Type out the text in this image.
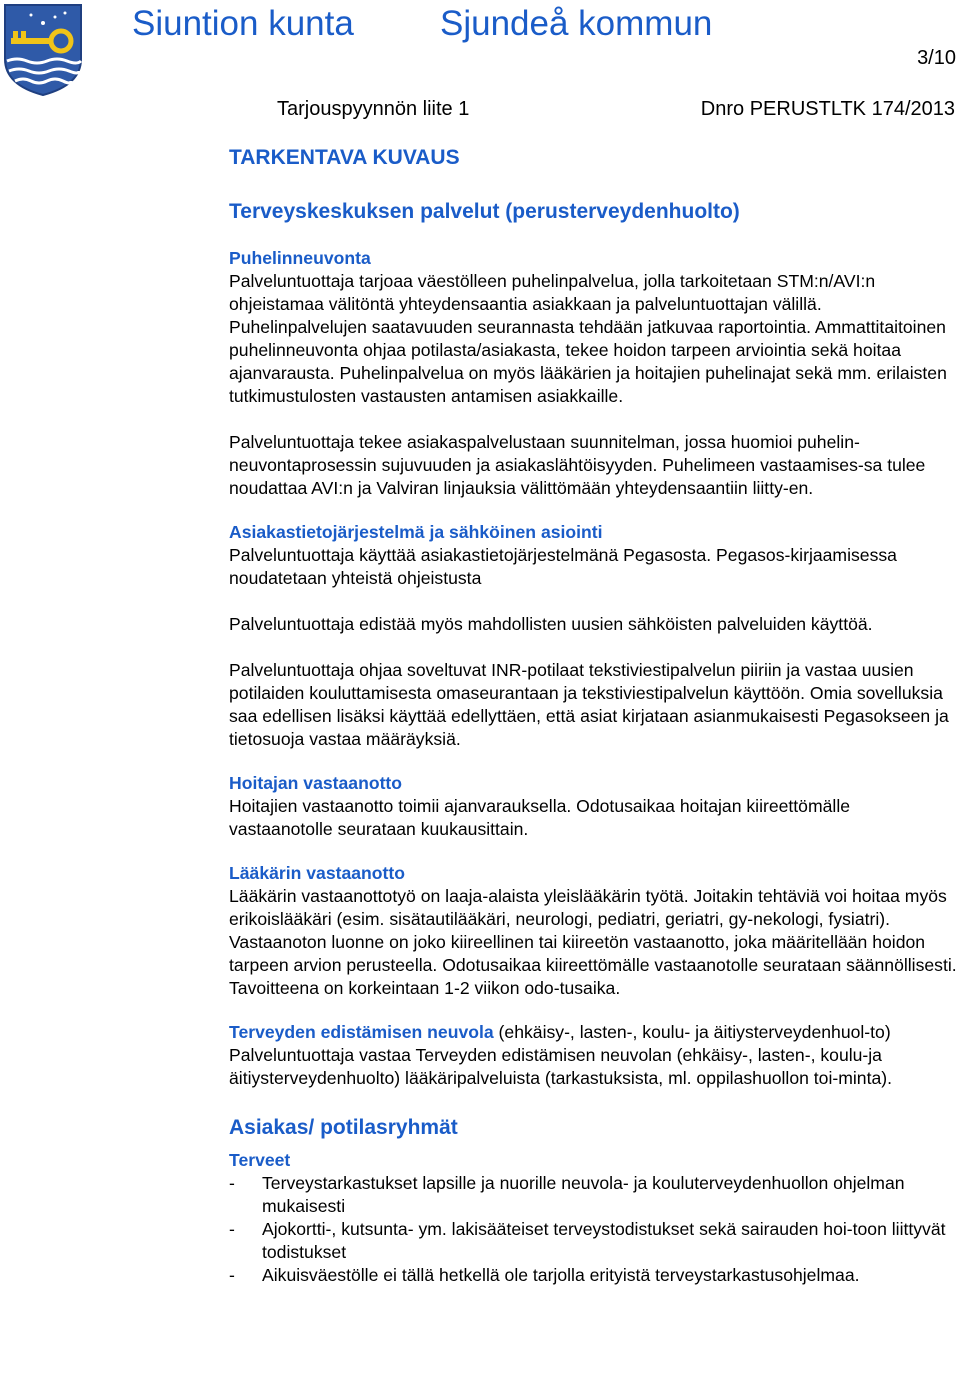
Siuntion kunta Sjundeå kommun
3/10
Tarjouspyynnön liite 1	Dnro PERUSTLTK 174/2013
TARKENTAVA KUVAUS
Terveyskeskuksen palvelut (perusterveydenhuolto)
Puhelinneuvonta

Palveluntuottaja tarjoaa väestölleen puhelinpalvelua, jolla tarkoitetaan STM:n/AVI:n ohjeistamaa välitöntä yhteydensaantia asiakkaan ja palveluntuottajan välillä. Puhelinpalvelujen saatavuuden seurannasta tehdään jatkuvaa raportointia. Ammattitaitoinen puhelinneuvonta ohjaa potilasta/asiakasta, tekee hoidon tarpeen arviointia sekä hoitaa ajanvarausta. Puhelinpalvelua on myös lääkärien ja hoitajien puhelinajat sekä mm. erilaisten tutkimustulosten vastausten antamisen asiakkaille.

Palveluntuottaja tekee asiakaspalvelustaan suunnitelman, jossa huomioi puhelin-neuvontaprosessin sujuvuuden ja asiakaslähtöisyyden. Puhelimeen vastaamises-sa tulee noudattaa AVI:n ja Valviran linjauksia välittömään yhteydensaantiin liitty-en.

Asiakastietojärjestelmä ja sähköinen asiointi

Palveluntuottaja käyttää asiakastietojärjestelmänä Pegasosta. Pegasos-kirjaamisessa noudatetaan yhteistä ohjeistusta

Palveluntuottaja edistää myös mahdollisten uusien sähköisten palveluiden käyttöä.

Palveluntuottaja ohjaa soveltuvat INR-potilaat tekstiviestipalvelun piiriin ja vastaa uusien potilaiden kouluttamisesta omaseurantaan ja tekstiviestipalvelun käyttöön. Omia sovelluksia saa edellisen lisäksi käyttää edellyttäen, että asiat kirjataan asianmukaisesti Pegasokseen ja tietosuoja vastaa määräyksiä.

Hoitajan vastaanotto

Hoitajien vastaanotto toimii ajanvarauksella. Odotusaikaa hoitajan kiireettömälle vastaanotolle seurataan kuukausittain.

Lääkärin vastaanotto

Lääkärin vastaanottotyö on laaja-alaista yleislääkärin työtä. Joitakin tehtäviä voi hoitaa myös erikoislääkäri (esim. sisätautilääkäri, neurologi, pediatri, geriatri, gy-nekologi, fysiatri). Vastaanoton luonne on joko kiireellinen tai kiireetön vastaanotto, joka määritellään hoidon tarpeen arvion perusteella. Odotusaikaa kiireettömälle vastaanotolle seurataan säännöllisesti. Tavoitteena on korkeintaan 1-2 viikon odo-tusaika.

Terveyden edistämisen neuvola (ehkäisy-, lasten-, koulu- ja äitiysterveydenhuol-to)

Palveluntuottaja vastaa Terveyden edistämisen neuvolan (ehkäisy-, lasten-, koulu-ja äitiysterveydenhuolto) lääkäripalveluista (tarkastuksista, ml. oppilashuollon toi-minta).

Asiakas/ potilasryhmät
Terveet
- Terveystarkastukset lapsille ja nuorille neuvola- ja kouluterveydenhuollon ohjelman mukaisesti
- Ajokortti-, kutsunta- ym. lakisääteiset terveystodistukset sekä sairauden hoi-toon liittyvät todistukset
- Aikuisväestölle ei tällä hetkellä ole tarjolla erityistä terveystarkastusohjelmaa.
